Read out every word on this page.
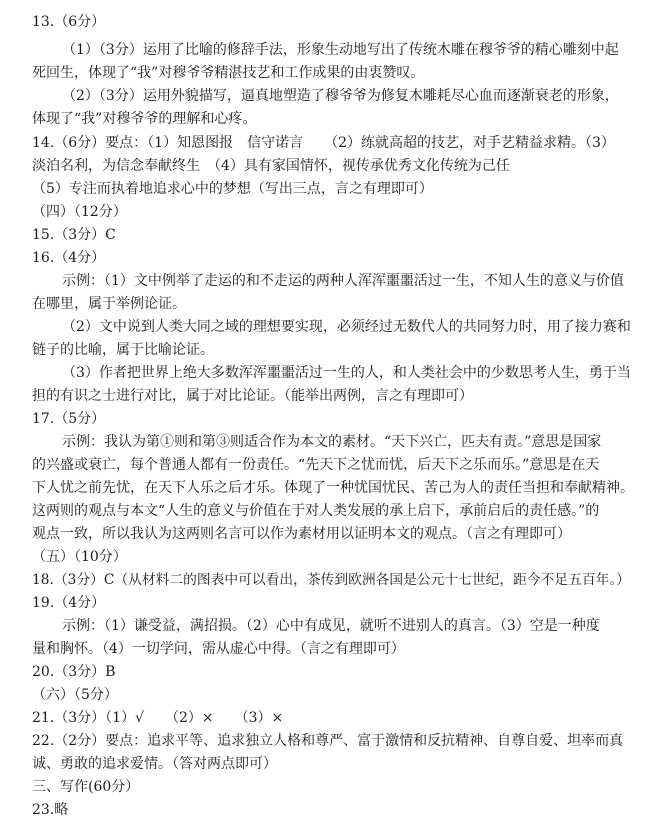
13.（6分）
（1）（3分）运用了比喻的修辞手法，形象生动地写出了传统木雕在穆爷爷的精心雕刻中起
死回生，体现了“我”对穆爷爷精湛技艺和工作成果的由衷赞叹。
（2）（3分）运用外貌描写，逼真地塑造了穆爷爷为修复木雕耗尽心血而逐渐衰老的形象，
体现了“我”对穆爷爷的理解和心疼。
14.（6分）要点：（1）知恩图报　信守诺言　　（2）练就高超的技艺，对手艺精益求精。（3）
淡泊名利，为信念奉献终生　（4）具有家国情怀，视传承优秀文化传统为己任
（5）专注而执着地追求心中的梦想（写出三点，言之有理即可）
（四）（12分）
15.（3分）C
16.（4分）
示例：（1）文中例举了走运的和不走运的两种人浑浑噩噩活过一生，不知人生的意义与价值
在哪里，属于举例论证。
（2）文中说到人类大同之域的理想要实现，必须经过无数代人的共同努力时，用了接力赛和
链子的比喻，属于比喻论证。
（3）作者把世界上绝大多数浑浑噩噩活过一生的人，和人类社会中的少数思考人生，勇于当
担的有识之士进行对比，属于对比论证。（能举出两例，言之有理即可）
17.（5分）
示例：我认为第①则和第③则适合作为本文的素材。“天下兴亡，匹夫有责。”意思是国家
的兴盛或衰亡，每个普通人都有一份责任。“先天下之忧而忧，后天下之乐而乐。”意思是在天
下人忧之前先忧，在天下人乐之后才乐。体现了一种忧国忧民、苦己为人的责任当担和奉献精神。
这两则的观点与本文“人生的意义与价值在于对人类发展的承上启下，承前启后的责任感。”的
观点一致，所以我认为这两则名言可以作为素材用以证明本文的观点。（言之有理即可）
（五）（10分）
18.（3分）C（从材料二的图表中可以看出，茶传到欧洲各国是公元十七世纪，距今不足五百年。）
19.（4分）
示例：（1）谦受益，满招损。（2）心中有成见，就听不进别人的真言。（3）空是一种度
量和胸怀。（4）一切学问，需从虚心中得。（言之有理即可）
20.（3分）B
（六）（5分）
21.（3分）（1）√　　（2）×　　（3）×
22.（2分）要点：追求平等、追求独立人格和尊严、富于激情和反抗精神、自尊自爱、坦率而真
诚、勇敢的追求爱情。（答对两点即可）
三、写作(60分）
23.略
